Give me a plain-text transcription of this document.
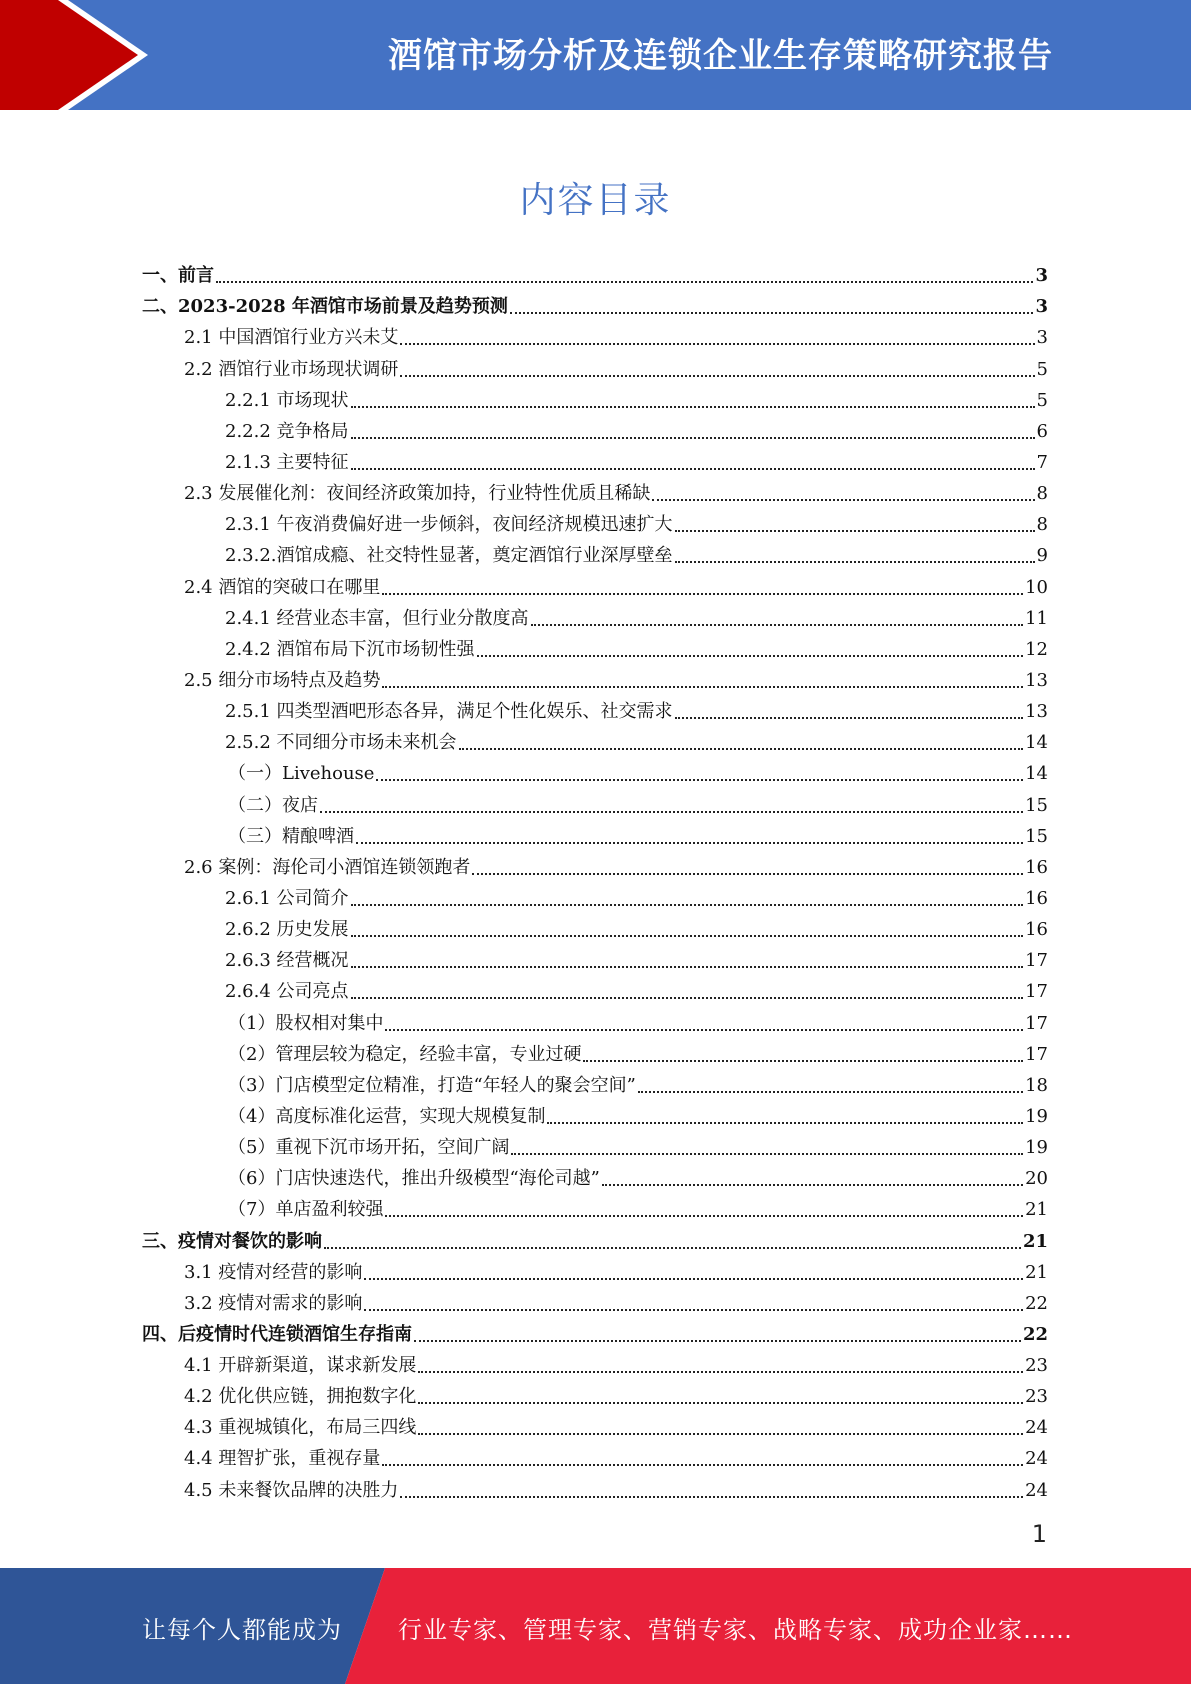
酒馆市场分析及连锁企业生存策略研究报告
内容目录
一、前言	3
二、2023-2028 年酒馆市场前景及趋势预测	3
2.1 中国酒馆行业方兴未艾	3
2.2 酒馆行业市场现状调研	5
2.2.1 市场现状	5
2.2.2 竞争格局	6
2.1.3 主要特征	7
2.3 发展催化剂：夜间经济政策加持，行业特性优质且稀缺	8
2.3.1 午夜消费偏好进一步倾斜，夜间经济规模迅速扩大	8
2.3.2.酒馆成瘾、社交特性显著，奠定酒馆行业深厚壁垒	9
2.4 酒馆的突破口在哪里	10
2.4.1 经营业态丰富，但行业分散度高	11
2.4.2 酒馆布局下沉市场韧性强	12
2.5 细分市场特点及趋势	13
2.5.1 四类型酒吧形态各异，满足个性化娱乐、社交需求	13
2.5.2 不同细分市场未来机会	14
（一）Livehouse	14
（二）夜店	15
（三）精酿啤酒	15
2.6 案例：海伦司小酒馆连锁领跑者	16
2.6.1 公司简介	16
2.6.2 历史发展	16
2.6.3 经营概况	17
2.6.4 公司亮点	17
（1）股权相对集中	17
（2）管理层较为稳定，经验丰富，专业过硬	17
（3）门店模型定位精准，打造“年轻人的聚会空间”	18
（4）高度标准化运营，实现大规模复制	19
（5）重视下沉市场开拓，空间广阔	19
（6）门店快速迭代，推出升级模型“海伦司越”	20
（7）单店盈利较强	21
三、疫情对餐饮的影响	21
3.1 疫情对经营的影响	21
3.2 疫情对需求的影响	22
四、后疫情时代连锁酒馆生存指南	22
4.1 开辟新渠道，谋求新发展	23
4.2 优化供应链，拥抱数字化	23
4.3 重视城镇化，布局三四线	24
4.4 理智扩张，重视存量	24
4.5 未来餐饮品牌的决胜力	24
1
让每个人都能成为 行业专家、管理专家、营销专家、战略专家、成功企业家……
